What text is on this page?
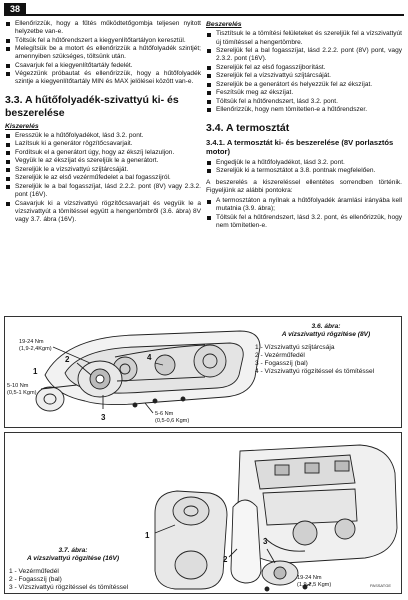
38
Ellenőrizzük, hogy a fűtés működtetőgombja teljesen nyitott helyzetbe van-e.
Töltsük fel a hűtőrendszert a kiegyenlítőtartályon keresztül.
Melegítsük be a motort és ellenőrizzük a hűtőfolyadék szintjét; amennyiben szükséges, töltsünk után.
Csavarjuk fel a kiegyenlítőtartály fedelét.
Végezzünk próbautat és ellenőrizzük, hogy a hűtőfolyadék szintje a kiegyenlítőtartály MIN és MAX jelölései között van-e.
3.3. A hűtőfolyadék-szivattyú ki- és beszerelése
Kiszerelés
Eresszük le a hűtőfolyadékot, lásd 3.2. pont.
Lazítsuk ki a generátor rögzítőcsavarjait.
Fordítsuk el a generátort úgy, hogy az ékszíj lelazuljon.
Vegyük le az ékszíjat és szereljük le a generátort.
Szereljük le a vízszivattyú szíjtárcsáját.
Szereljük le az első vezérműfedelet a bal fogasszíjról.
Szereljük le a bal fogasszíjat, lásd 2.2.2. pont (8V) vagy 2.3.2. pont (16V).
Csavarjuk ki a vízszivattyú rögzítőcsavarjait és vegyük le a vízszivattyút a tömítéssel együtt a hengertömbről (3.6. ábra) 8V vagy 3.7. ábra (16V).
Beszerelés
Tisztítsuk le a tömítési felületeket és szereljük fel a vízszivattyút új tömítéssel a hengertömbre.
Szereljük fel a bal fogasszíjat, lásd 2.2.2. pont (8V) pont, vagy 2.3.2. pont (16V).
Szereljük fel az első fogasszíjborítást.
Szereljük fel a vízszivattyú szíjtárcsáját.
Szereljük be a generátort és helyezzük fel az ékszíjat.
Feszítsük meg az ékszíjat.
Töltsük fel a hűtőrendszert, lásd 3.2. pont.
Ellenőrizzük, hogy nem tömítetlen-e a hűtőrendszer.
3.4. A termosztát
3.4.1. A termosztát ki- és beszerelése (8V porlasztós motor)
Engedjük le a hűtőfolyadékot, lásd 3.2. pont.
Szereljük ki a termosztátot a 3.8. pontnak megfelelően.

A beszerelés a kiszereléssel ellentétes sorrendben történik. Figyeljünk az alábbi pontokra:

A termosztáton a nyílnak a hűtőfolyadék áramlási irányába kell mutatnia (3.9. ábra);
Töltsük fel a hűtőrendszert, lásd 3.2. pont, és ellenőrizzük, hogy nem tömítetlen-e.
19-24 Nm
(1,9-2,4Kgm)
5-10 Nm
(0,5-1 Kgm)
5-6 Nm
(0,5-0,6 Kgm)
1
2
3
4
3.6. ábra:
A vízszivattyú rögzítése (8V)
1 - Vízszivattyú szíjtárcsája
2 - Vezérműfedél
3 - Fogasszíj (bal)
4 - Vízszivattyú rögzítéssel és tömítéssel
1
2
3
19-24 Nm
(1,9-2,5 Kgm)	PASSATGE
3.7. ábra:
A vízszivattyú rögzítése (16V)
1 - Vezérműfedél
2 - Fogasszíj (bal)
3 - Vízszivattyú rögzítéssel és tömítéssel
